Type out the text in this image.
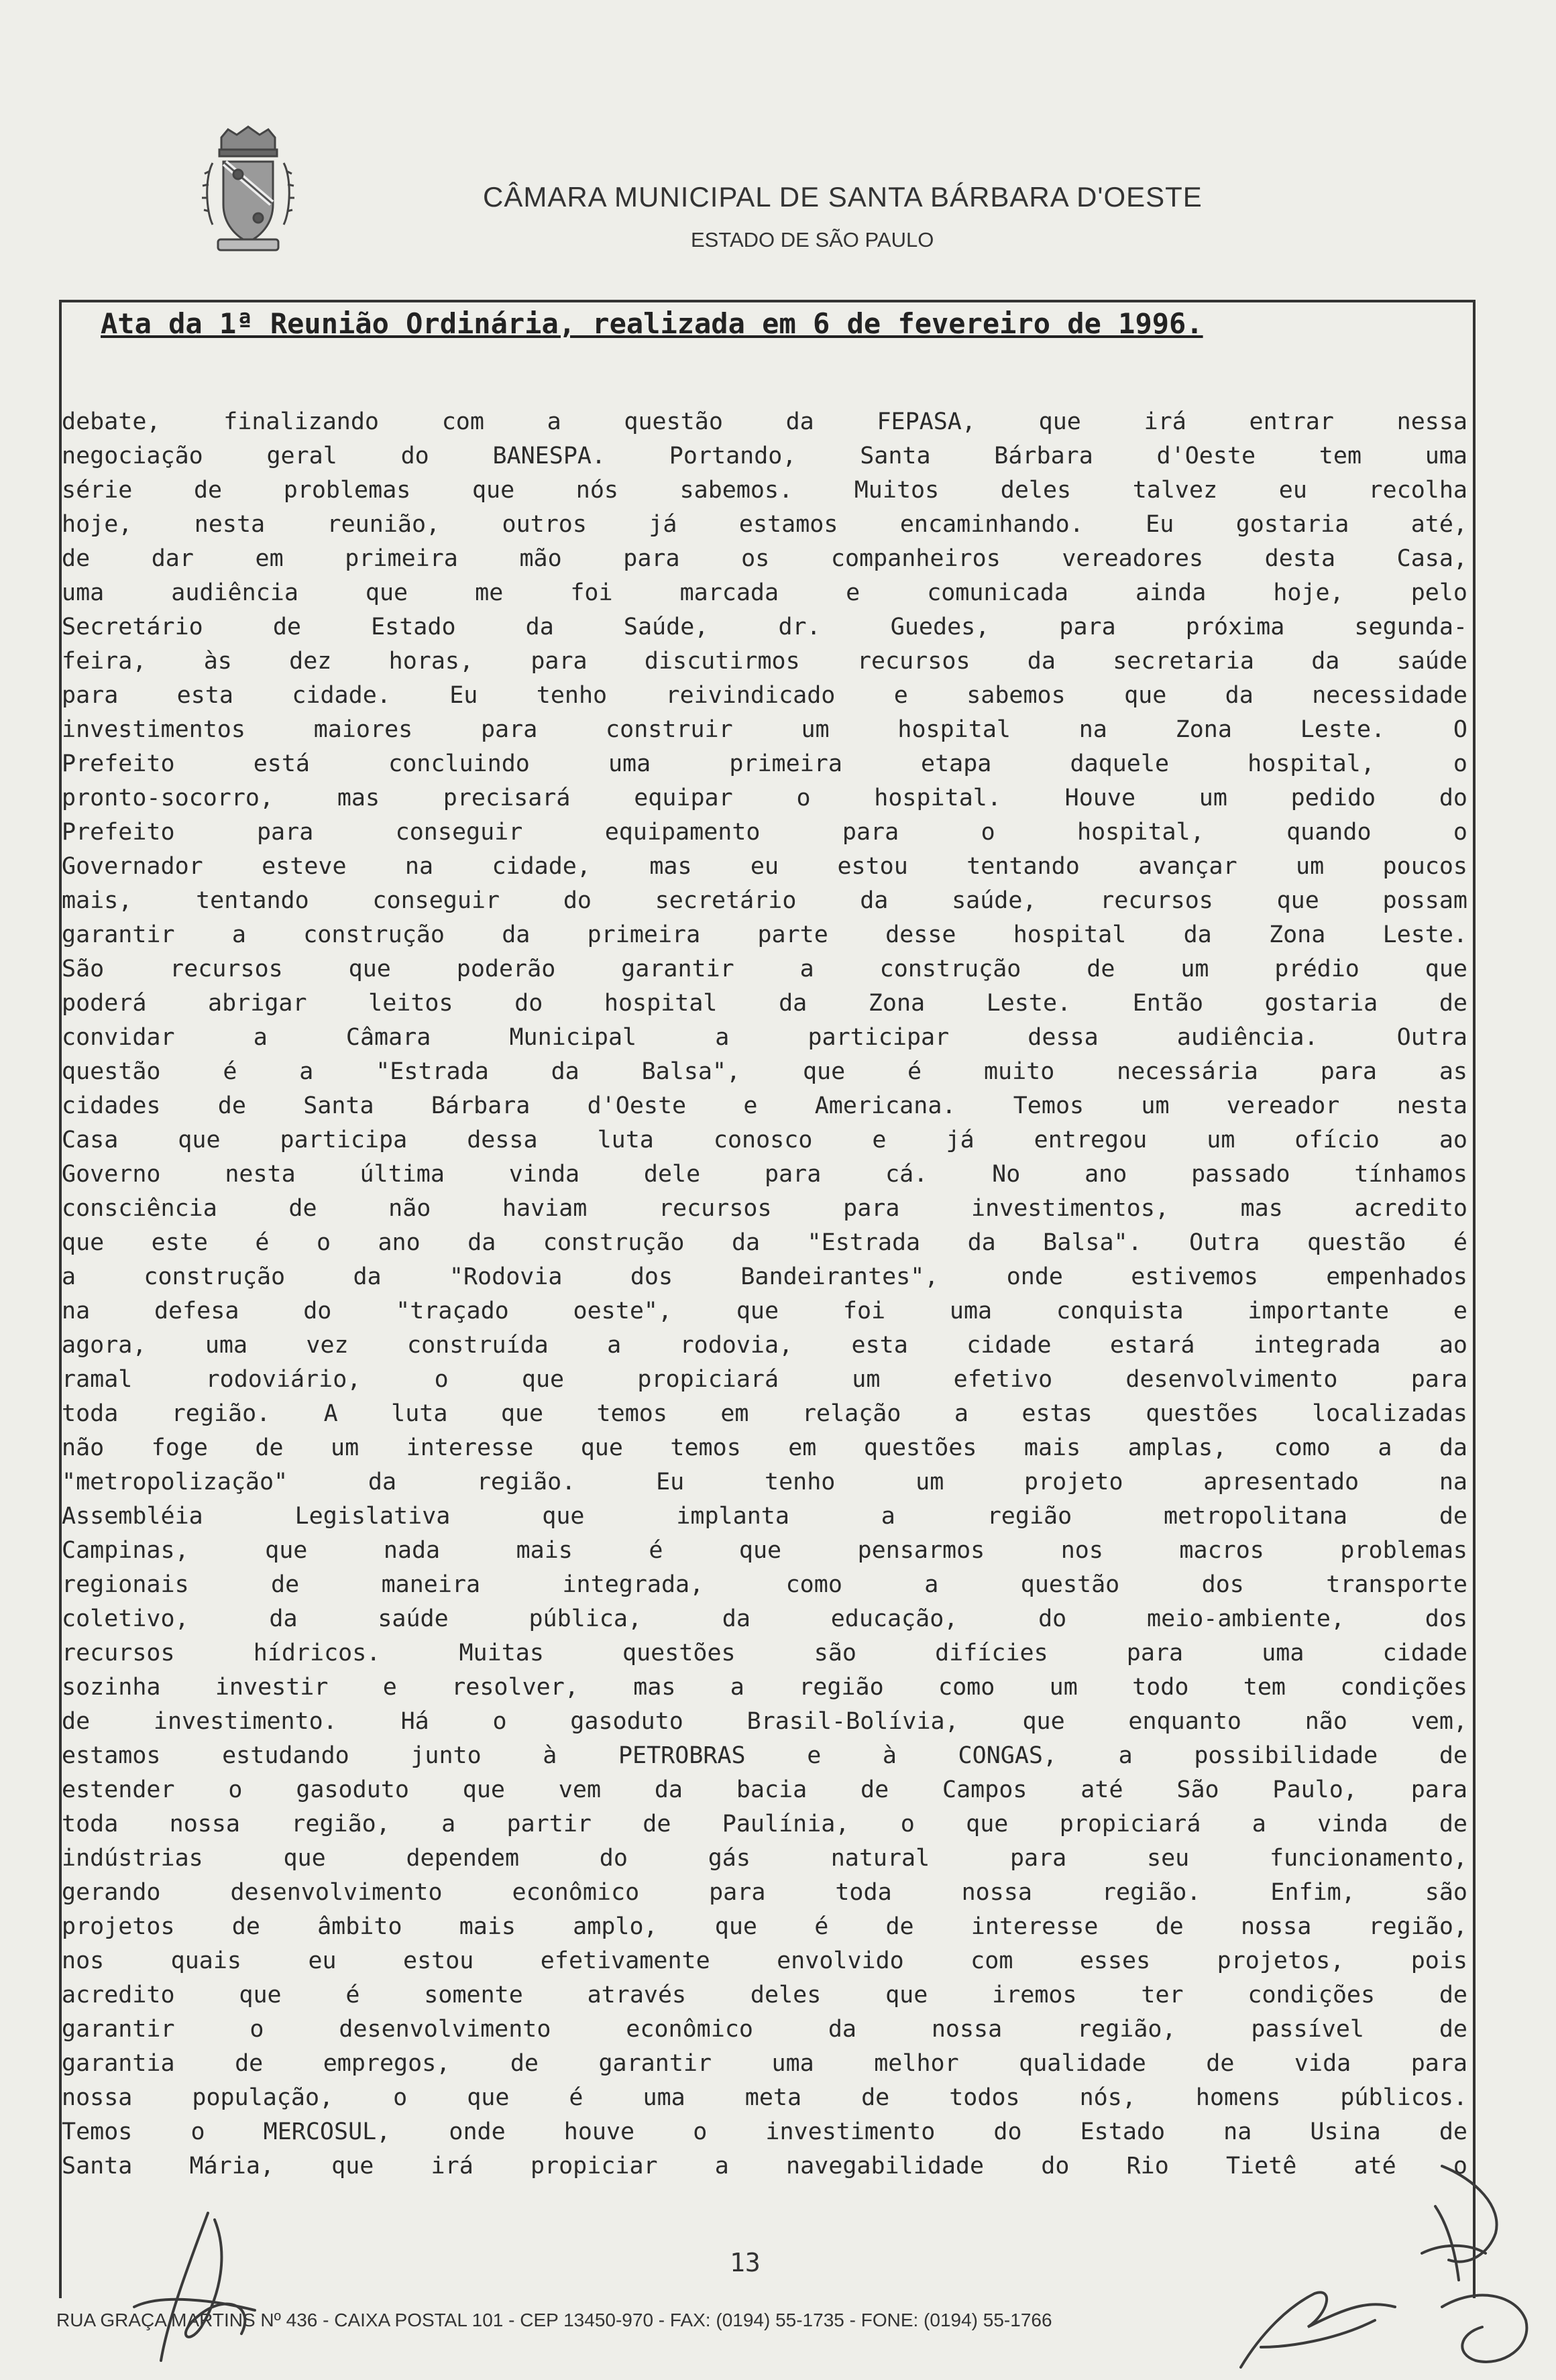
CÂMARA MUNICIPAL DE SANTA BÁRBARA D'OESTE
ESTADO DE SÃO PAULO
Ata da 1ª Reunião Ordinária, realizada em 6 de fevereiro de 1996.
debate, finalizando com a questão da FEPASA, que irá entrar nessa
negociação geral do BANESPA. Portando, Santa Bárbara d'Oeste tem uma
série de problemas que nós sabemos. Muitos deles talvez eu recolha
hoje, nesta reunião, outros já estamos encaminhando. Eu gostaria até,
de dar em primeira mão para os companheiros vereadores desta Casa,
uma audiência que me foi marcada e comunicada ainda hoje, pelo
Secretário de Estado da Saúde, dr. Guedes, para próxima segunda-
feira, às dez horas, para discutirmos recursos da secretaria da saúde
para esta cidade. Eu tenho reivindicado e sabemos que da necessidade
investimentos maiores para construir um hospital na Zona Leste. O
Prefeito está concluindo uma primeira etapa daquele hospital, o
pronto-socorro, mas precisará equipar o hospital. Houve um pedido do
Prefeito para conseguir equipamento para o hospital, quando o
Governador esteve na cidade, mas eu estou tentando avançar um poucos
mais, tentando conseguir do secretário da saúde, recursos que possam
garantir a construção da primeira parte desse hospital da Zona Leste.
São recursos que poderão garantir a construção de um prédio que
poderá abrigar leitos do hospital da Zona Leste. Então gostaria de
convidar a Câmara Municipal a participar dessa audiência. Outra
questão é a "Estrada da Balsa", que é muito necessária para as
cidades de Santa Bárbara d'Oeste e Americana. Temos um vereador nesta
Casa que participa dessa luta conosco e já entregou um ofício ao
Governo nesta última vinda dele para cá. No ano passado tínhamos
consciência de não haviam recursos para investimentos, mas acredito
que este é o ano da construção da "Estrada da Balsa". Outra questão é
a construção da "Rodovia dos Bandeirantes", onde estivemos empenhados
na defesa do "traçado oeste", que foi uma conquista importante e
agora, uma vez construída a rodovia, esta cidade estará integrada ao
ramal rodoviário, o que propiciará um efetivo desenvolvimento para
toda região. A luta que temos em relação a estas questões localizadas
não foge de um interesse que temos em questões mais amplas, como a da
"metropolização" da região. Eu tenho um projeto apresentado na
Assembléia Legislativa que implanta a região metropolitana de
Campinas, que nada mais é que pensarmos nos macros problemas
regionais de maneira integrada, como a questão dos transporte
coletivo, da saúde pública, da educação, do meio-ambiente, dos
recursos hídricos. Muitas questões são difícies para uma cidade
sozinha investir e resolver, mas a região como um todo tem condições
de investimento. Há o gasoduto Brasil-Bolívia, que enquanto não vem,
estamos estudando junto à PETROBRAS e à CONGAS, a possibilidade de
estender o gasoduto que vem da bacia de Campos até São Paulo, para
toda nossa região, a partir de Paulínia, o que propiciará a vinda de
indústrias que dependem do gás natural para seu funcionamento,
gerando desenvolvimento econômico para toda nossa região. Enfim, são
projetos de âmbito mais amplo, que é de interesse de nossa região,
nos quais eu estou efetivamente envolvido com esses projetos, pois
acredito que é somente através deles que iremos ter condições de
garantir o desenvolvimento econômico da nossa região, passível de
garantia de empregos, de garantir uma melhor qualidade de vida para
nossa população, o que é uma meta de todos nós, homens públicos.
Temos o MERCOSUL, onde houve o investimento do Estado na Usina de
Santa Mária, que irá propiciar a navegabilidade do Rio Tietê até o
13
RUA GRAÇA MARTINS Nº 436 - CAIXA POSTAL 101 - CEP 13450-970 - FAX: (0194) 55-1735 - FONE: (0194) 55-1766
